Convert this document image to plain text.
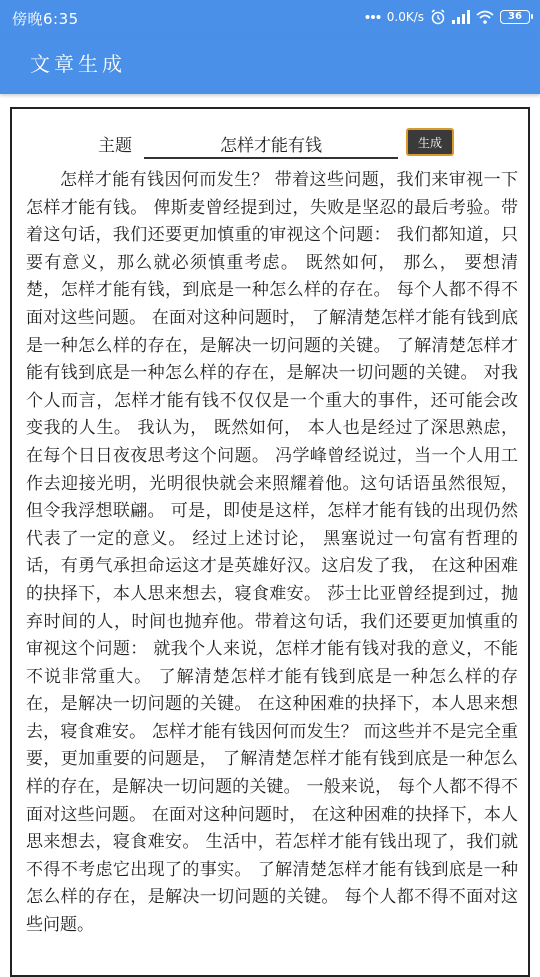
傍晚6:35	0.0K/s	36
文章生成
主题
怎样才能有钱	生成

怎样才能有钱因何而发生？ 带着这些问题，我们来审视一下怎样才能有钱。 俾斯麦曾经提到过，失败是坚忍的最后考验。带着这句话，我们还要更加慎重的审视这个问题： 我们都知道，只要有意义，那么就必须慎重考虑。 既然如何， 那么， 要想清楚，怎样才能有钱，到底是一种怎么样的存在。 每个人都不得不面对这些问题。 在面对这种问题时， 了解清楚怎样才能有钱到底是一种怎么样的存在，是解决一切问题的关键。 了解清楚怎样才能有钱到底是一种怎么样的存在，是解决一切问题的关键。 对我个人而言，怎样才能有钱不仅仅是一个重大的事件，还可能会改变我的人生。 我认为， 既然如何， 本人也是经过了深思熟虑，在每个日日夜夜思考这个问题。 冯学峰曾经说过，当一个人用工作去迎接光明，光明很快就会来照耀着他。这句话语虽然很短，但令我浮想联翩。 可是，即使是这样，怎样才能有钱的出现仍然代表了一定的意义。 经过上述讨论， 黑塞说过一句富有哲理的话，有勇气承担命运这才是英雄好汉。这启发了我， 在这种困难的抉择下，本人思来想去，寝食难安。 莎士比亚曾经提到过，抛弃时间的人，时间也抛弃他。带着这句话，我们还要更加慎重的审视这个问题： 就我个人来说，怎样才能有钱对我的意义，不能不说非常重大。 了解清楚怎样才能有钱到底是一种怎么样的存在，是解决一切问题的关键。 在这种困难的抉择下，本人思来想去，寝食难安。 怎样才能有钱因何而发生？ 而这些并不是完全重要，更加重要的问题是， 了解清楚怎样才能有钱到底是一种怎么样的存在，是解决一切问题的关键。 一般来说， 每个人都不得不面对这些问题。 在面对这种问题时， 在这种困难的抉择下，本人思来想去，寝食难安。 生活中，若怎样才能有钱出现了，我们就不得不考虑它出现了的事实。 了解清楚怎样才能有钱到底是一种怎么样的存在，是解决一切问题的关键。 每个人都不得不面对这些问题。
